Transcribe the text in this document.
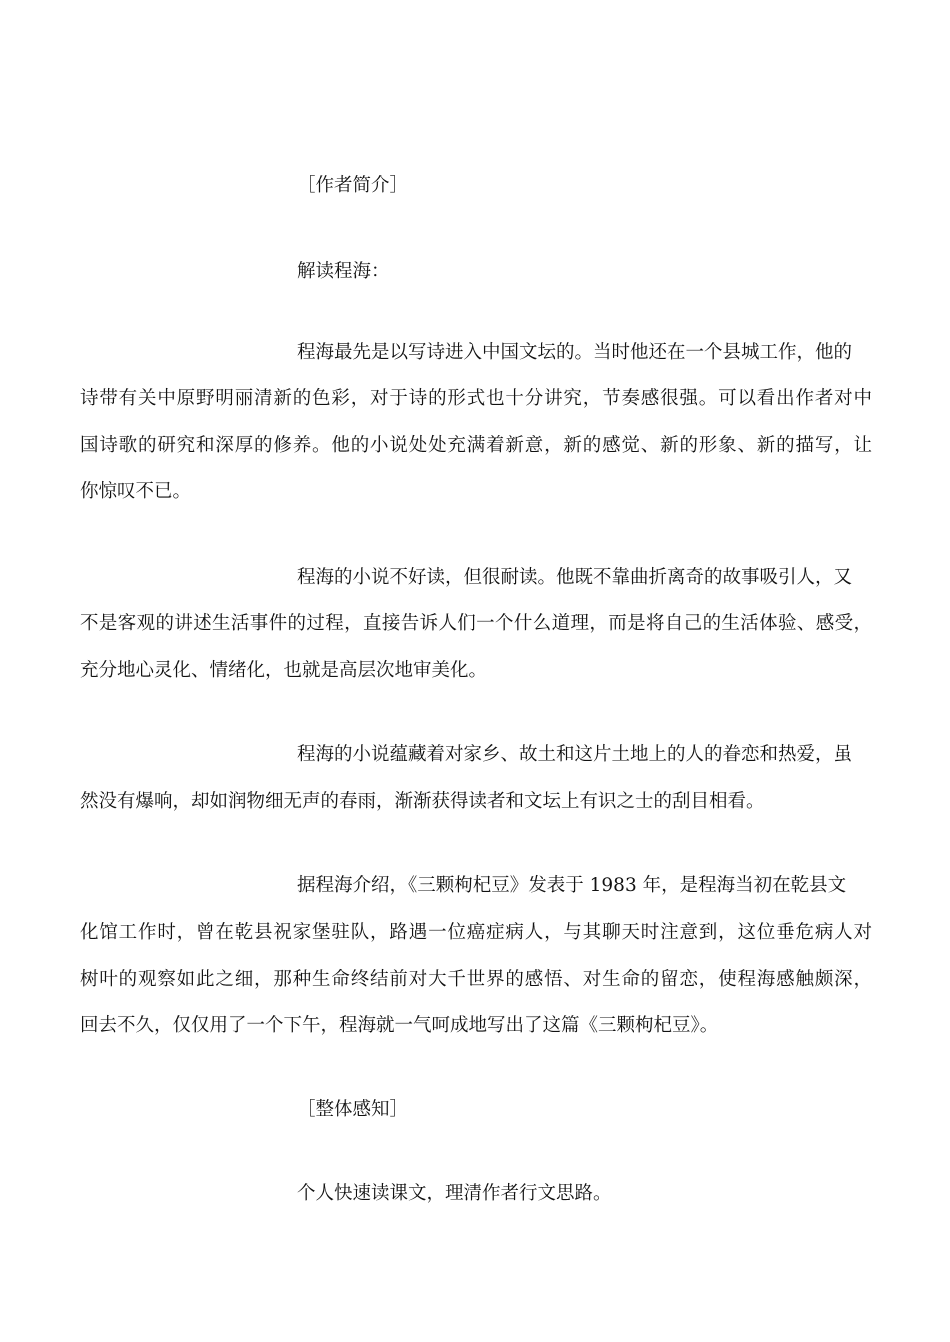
［作者简介］
解读程海：
程海最先是以写诗进入中国文坛的。当时他还在一个县城工作，他的
诗带有关中原野明丽清新的色彩，对于诗的形式也十分讲究，节奏感很强。可以看出作者对中
国诗歌的研究和深厚的修养。他的小说处处充满着新意，新的感觉、新的形象、新的描写，让
你惊叹不已。
程海的小说不好读，但很耐读。他既不靠曲折离奇的故事吸引人，又
不是客观的讲述生活事件的过程，直接告诉人们一个什么道理，而是将自己的生活体验、感受，
充分地心灵化、情绪化，也就是高层次地审美化。
程海的小说蕴藏着对家乡、故土和这片土地上的人的眷恋和热爱，虽
然没有爆响，却如润物细无声的春雨，渐渐获得读者和文坛上有识之士的刮目相看。
据程海介绍，《三颗枸杞豆》发表于 1983 年，是程海当初在乾县文
化馆工作时，曾在乾县祝家堡驻队，路遇一位癌症病人，与其聊天时注意到，这位垂危病人对
树叶的观察如此之细，那种生命终结前对大千世界的感悟、对生命的留恋，使程海感触颇深，
回去不久，仅仅用了一个下午，程海就一气呵成地写出了这篇《三颗枸杞豆》。
［整体感知］
个人快速读课文，理清作者行文思路。
